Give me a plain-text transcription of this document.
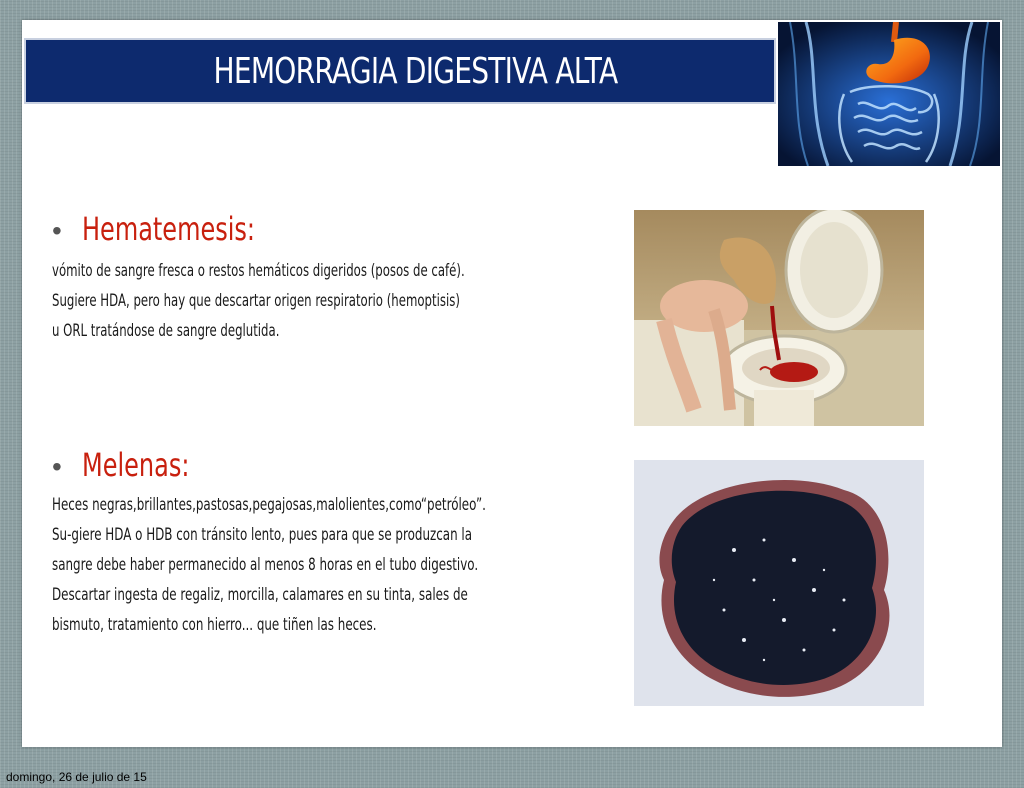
HEMORRAGIA DIGESTIVA ALTA
• Hematemesis:
vómito de sangre fresca o restos hemáticos digeridos (posos de café).
Sugiere HDA, pero hay que descartar origen respiratorio (hemoptisis)
u ORL tratándose de sangre deglutida.
• Melenas:
Heces negras,brillantes,pastosas,pegajosas,malolientes,como“petróleo”.
Su-giere HDA o HDB con tránsito lento, pues para que se produzcan la
sangre debe haber permanecido al menos 8 horas en el tubo digestivo.
Descartar ingesta de regaliz, morcilla, calamares en su tinta, sales de
bismuto, tratamiento con hierro... que tiñen las heces.
domingo, 26 de julio de 15
